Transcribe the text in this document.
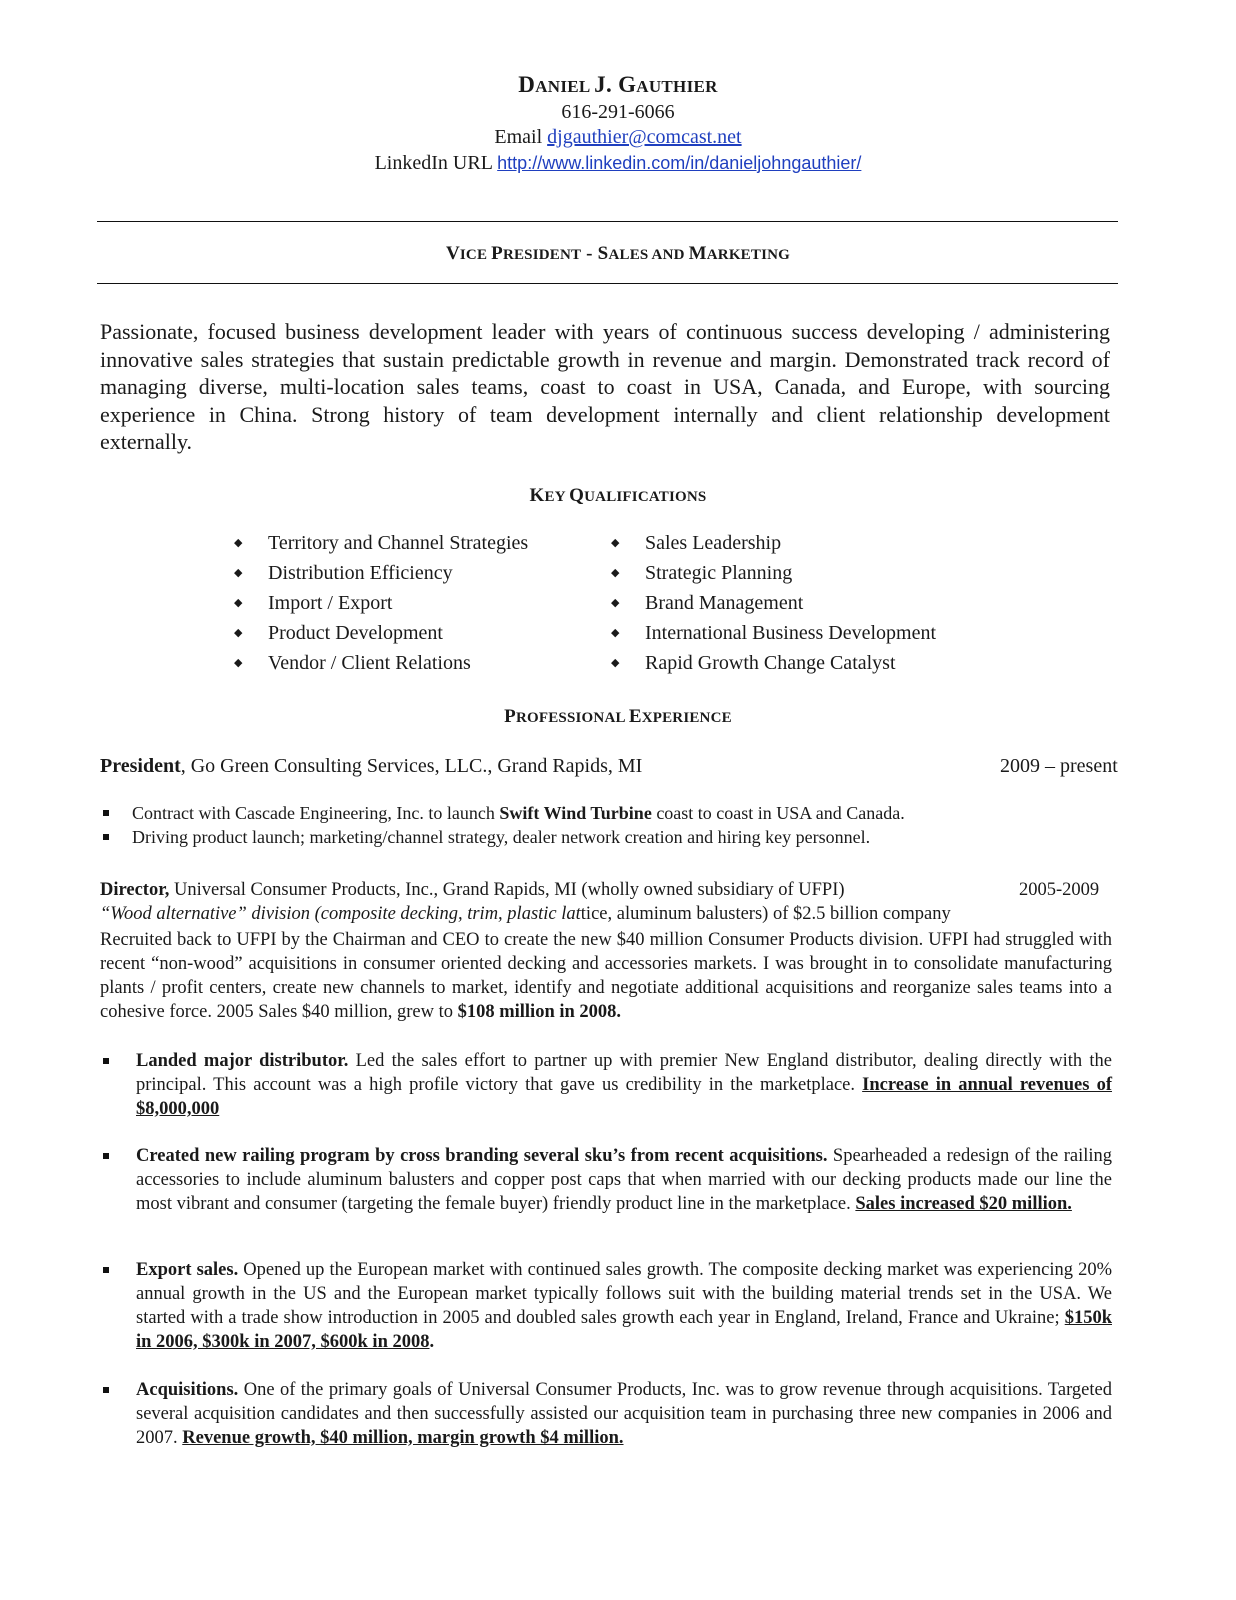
DANIEL J. GAUTHIER
616-291-6066
Email djgauthier@comcast.net
LinkedIn URL http://www.linkedin.com/in/danieljohngauthier/
VICE PRESIDENT - SALES AND MARKETING
Passionate, focused business development leader with years of continuous success developing / administering innovative sales strategies that sustain predictable growth in revenue and margin. Demonstrated track record of managing diverse, multi-location sales teams, coast to coast in USA, Canada, and Europe, with sourcing experience in China. Strong history of team development internally and client relationship development externally.
KEY QUALIFICATIONS
◆ Territory and Channel Strategies
◆ Distribution Efficiency
◆ Import / Export
◆ Product Development
◆ Vendor / Client Relations
◆ Sales Leadership
◆ Strategic Planning
◆ Brand Management
◆ International Business Development
◆ Rapid Growth Change Catalyst
PROFESSIONAL EXPERIENCE
President, Go Green Consulting Services, LLC., Grand Rapids, MI	2009 – present
Contract with Cascade Engineering, Inc. to launch Swift Wind Turbine coast to coast in USA and Canada.
Driving product launch; marketing/channel strategy, dealer network creation and hiring key personnel.
Director, Universal Consumer Products, Inc., Grand Rapids, MI (wholly owned subsidiary of UFPI)	2005-2009
“Wood alternative” division (composite decking, trim, plastic lattice, aluminum balusters) of $2.5 billion company
Recruited back to UFPI by the Chairman and CEO to create the new $40 million Consumer Products division. UFPI had struggled with recent “non-wood” acquisitions in consumer oriented decking and accessories markets. I was brought in to consolidate manufacturing plants / profit centers, create new channels to market, identify and negotiate additional acquisitions and reorganize sales teams into a cohesive force. 2005 Sales $40 million, grew to $108 million in 2008.
Landed major distributor. Led the sales effort to partner up with premier New England distributor, dealing directly with the principal. This account was a high profile victory that gave us credibility in the marketplace. Increase in annual revenues of $8,000,000
Created new railing program by cross branding several sku’s from recent acquisitions. Spearheaded a redesign of the railing accessories to include aluminum balusters and copper post caps that when married with our decking products made our line the most vibrant and consumer (targeting the female buyer) friendly product line in the marketplace. Sales increased $20 million.
Export sales. Opened up the European market with continued sales growth. The composite decking market was experiencing 20% annual growth in the US and the European market typically follows suit with the building material trends set in the USA. We started with a trade show introduction in 2005 and doubled sales growth each year in England, Ireland, France and Ukraine; $150k in 2006, $300k in 2007, $600k in 2008.
Acquisitions. One of the primary goals of Universal Consumer Products, Inc. was to grow revenue through acquisitions. Targeted several acquisition candidates and then successfully assisted our acquisition team in purchasing three new companies in 2006 and 2007. Revenue growth, $40 million, margin growth $4 million.
